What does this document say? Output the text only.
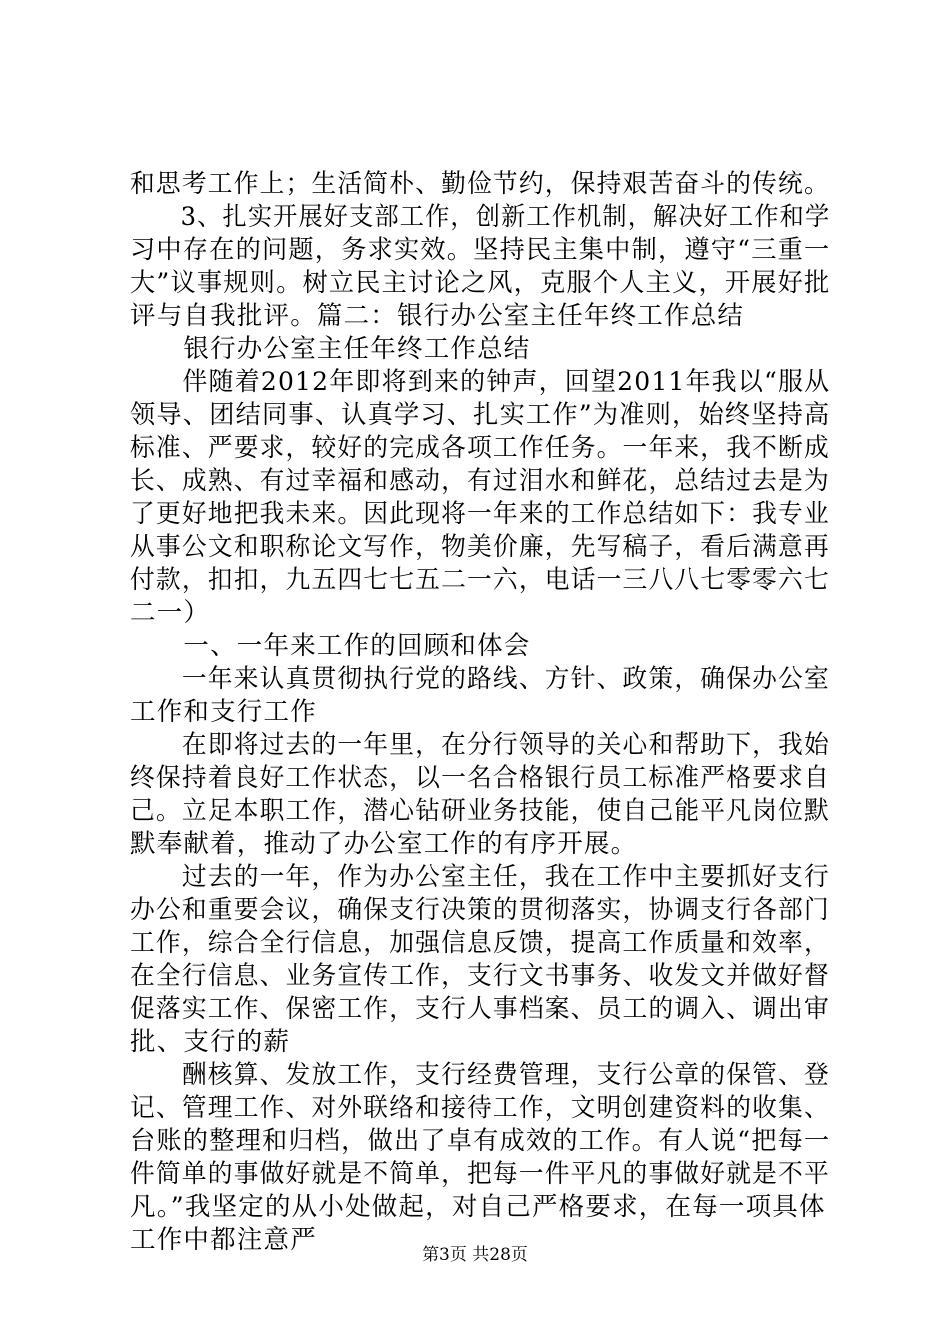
和思考工作上；生活简朴、勤俭节约，保持艰苦奋斗的传统。
　　3、扎实开展好支部工作，创新工作机制，解决好工作和学
习中存在的问题，务求实效。坚持民主集中制，遵守“三重一
大”议事规则。树立民主讨论之风，克服个人主义，开展好批
评与自我批评。篇二：银行办公室主任年终工作总结
　　银行办公室主任年终工作总结
　　伴随着2012年即将到来的钟声，回望2011年我以“服从
领导、团结同事、认真学习、扎实工作”为准则，始终坚持高
标准、严要求，较好的完成各项工作任务。一年来，我不断成
长、成熟、有过幸福和感动，有过泪水和鲜花，总结过去是为
了更好地把我未来。因此现将一年来的工作总结如下：我专业
从事公文和职称论文写作，物美价廉，先写稿子，看后满意再
付款，扣扣，九五四七七五二一六，电话一三八八七零零六七
二一）
　　一、一年来工作的回顾和体会
　　一年来认真贯彻执行党的路线、方针、政策，确保办公室
工作和支行工作
　　在即将过去的一年里，在分行领导的关心和帮助下，我始
终保持着良好工作状态，以一名合格银行员工标准严格要求自
己。立足本职工作，潜心钻研业务技能，使自己能平凡岗位默
默奉献着，推动了办公室工作的有序开展。
　　过去的一年，作为办公室主任，我在工作中主要抓好支行
办公和重要会议，确保支行决策的贯彻落实，协调支行各部门
工作，综合全行信息，加强信息反馈，提高工作质量和效率，
在全行信息、业务宣传工作，支行文书事务、收发文并做好督
促落实工作、保密工作，支行人事档案、员工的调入、调出审
批、支行的薪
　　酬核算、发放工作，支行经费管理，支行公章的保管、登
记、管理工作、对外联络和接待工作，文明创建资料的收集、
台账的整理和归档，做出了卓有成效的工作。有人说“把每一
件简单的事做好就是不简单，把每一件平凡的事做好就是不平
凡。”我坚定的从小处做起，对自己严格要求，在每一项具体
工作中都注意严	第3页 共28页
